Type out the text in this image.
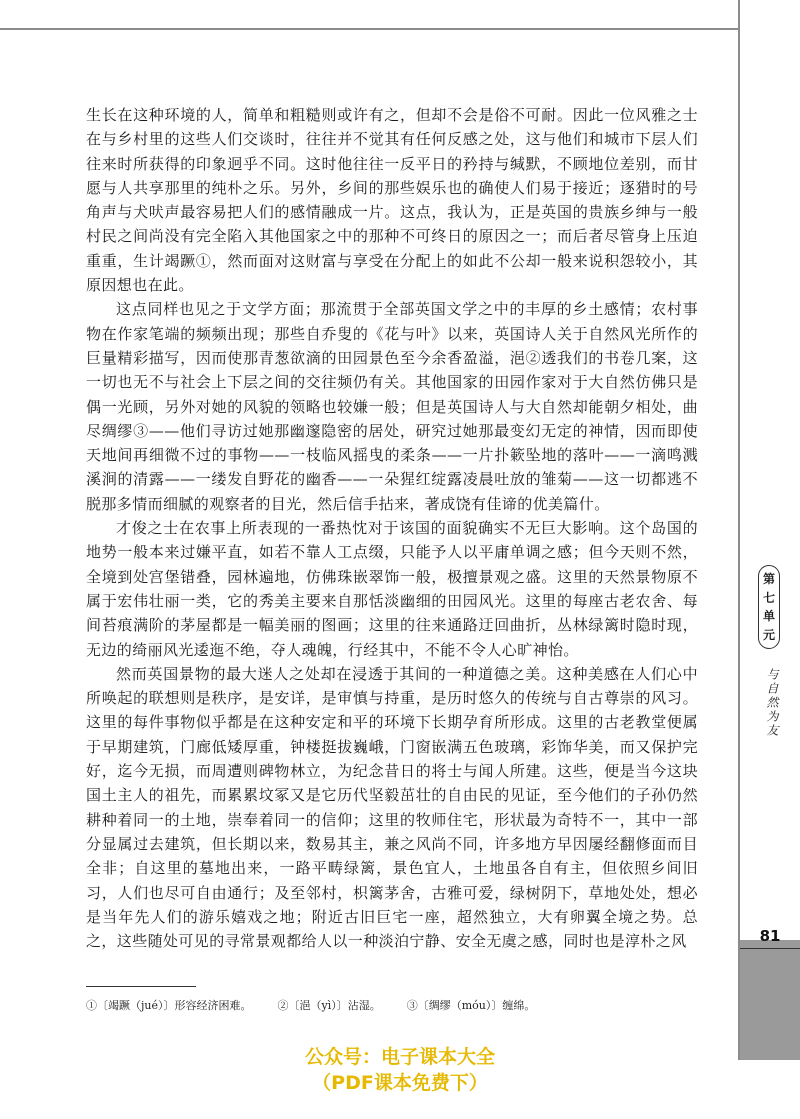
第
七
单
元
与自然为友
81

生长在这种环境的人，简单和粗糙则或许有之，但却不会是俗不可耐。因此一位风雅之士在与乡村里的这些人们交谈时，往往并不觉其有任何反感之处，这与他们和城市下层人们往来时所获得的印象迥乎不同。这时他往往一反平日的矜持与缄默，不顾地位差别，而甘愿与人共享那里的纯朴之乐。另外，乡间的那些娱乐也的确使人们易于接近；逐猎时的号角声与犬吠声最容易把人们的感情融成一片。这点，我认为，正是英国的贵族乡绅与一般村民之间尚没有完全陷入其他国家之中的那种不可终日的原因之一；而后者尽管身上压迫重重，生计竭蹶①，然而面对这财富与享受在分配上的如此不公却一般来说积怨较小，其原因想也在此。

这点同样也见之于文学方面；那流贯于全部英国文学之中的丰厚的乡土感情；农村事物在作家笔端的频频出现；那些自乔叟的《花与叶》以来，英国诗人关于自然风光所作的巨量精彩描写，因而使那青葱欲滴的田园景色至今余香盈溢，浥②透我们的书卷几案，这一切也无不与社会上下层之间的交往频仍有关。其他国家的田园作家对于大自然仿佛只是偶一光顾，另外对她的风貌的领略也较嫌一般；但是英国诗人与大自然却能朝夕相处，曲尽绸缪③——他们寻访过她那幽邃隐密的居处，研究过她那最变幻无定的神情，因而即使天地间再细微不过的事物——一枝临风摇曳的柔条——一片扑簌坠地的落叶——一滴鸣溅溪涧的清露——一缕发自野花的幽香——一朵猩红绽露凌晨吐放的雏菊——这一切都逃不脱那多情而细腻的观察者的目光，然后信手拈来，著成饶有佳谛的优美篇什。

才俊之士在农事上所表现的一番热忱对于该国的面貌确实不无巨大影响。这个岛国的地势一般本来过嫌平直，如若不靠人工点缀，只能予人以平庸单调之感；但今天则不然，全境到处宫堡错叠，园林遍地，仿佛珠嵌翠饰一般，极擅景观之盛。这里的天然景物原不属于宏伟壮丽一类，它的秀美主要来自那恬淡幽细的田园风光。这里的每座古老农舍、每间苔痕满阶的茅屋都是一幅美丽的图画；这里的往来通路迂回曲折，丛林绿篱时隐时现，无边的绮丽风光逶迤不绝，夺人魂魄，行经其中，不能不令人心旷神怡。

然而英国景物的最大迷人之处却在浸透于其间的一种道德之美。这种美感在人们心中所唤起的联想则是秩序，是安详，是审慎与持重，是历时悠久的传统与自古尊崇的风习。这里的每件事物似乎都是在这种安定和平的环境下长期孕育所形成。这里的古老教堂便属于早期建筑，门廊低矮厚重，钟楼挺拔巍峨，门窗嵌满五色玻璃，彩饰华美，而又保护完好，迄今无损，而周遭则碑物林立，为纪念昔日的将士与闻人所建。这些，便是当今这块国土主人的祖先，而累累坟冢又是它历代坚毅茁壮的自由民的见证，至今他们的子孙仍然耕种着同一的土地，崇奉着同一的信仰；这里的牧师住宅，形状最为奇特不一，其中一部分显属过去建筑，但长期以来，数易其主，兼之风尚不同，许多地方早因屡经翻修面而目全非；自这里的墓地出来，一路平畴绿篱，景色宜人，土地虽各自有主，但依照乡间旧习，人们也尽可自由通行；及至邻村，枳篱茅舍，古雅可爱，绿树阴下，草地处处，想必是当年先人们的游乐嬉戏之地；附近古旧巨宅一座，超然独立，大有卵翼全境之势。总之，这些随处可见的寻常景观都给人以一种淡泊宁静、安全无虞之感，同时也是淳朴之风

①〔竭蹶（jué）〕形容经济困难。 ②〔浥（yì）〕沾湿。 ③〔绸缪（móu）〕缠绵。
公众号：电子课本大全
（PDF课本免费下）
